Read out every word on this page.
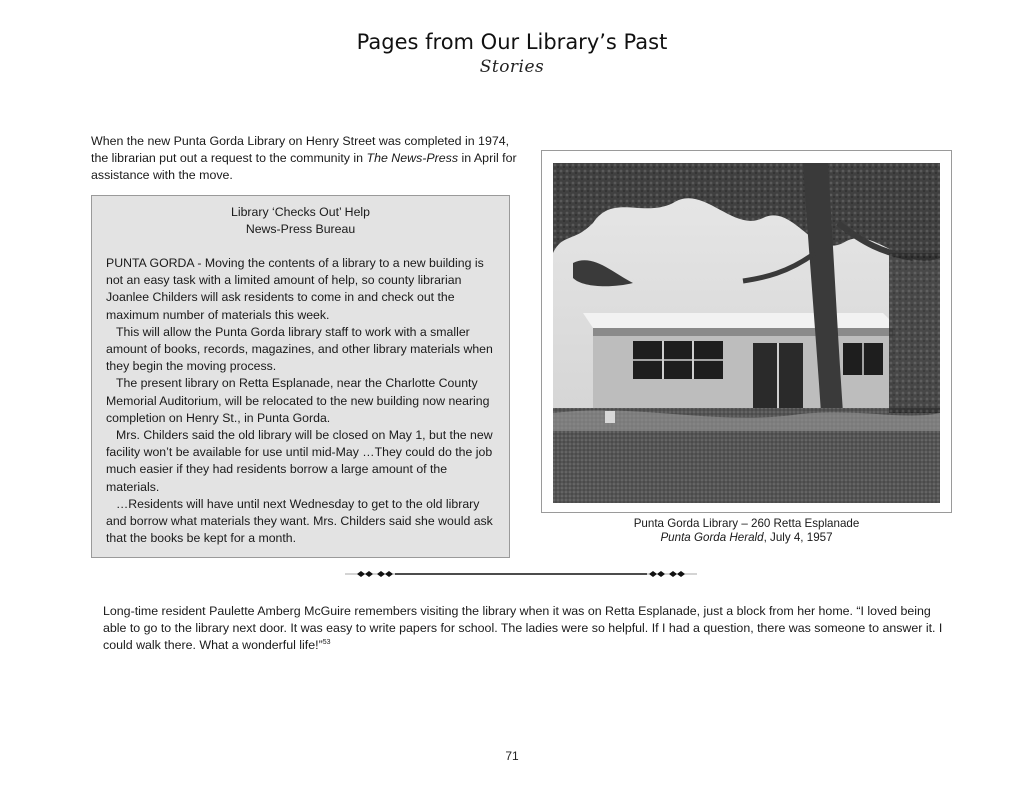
Pages from Our Library’s Past
Stories
When the new Punta Gorda Library on Henry Street was completed in 1974, the librarian put out a request to the community in The News-Press in April for assistance with the move.
Library ‘Checks Out’ Help
News-Press Bureau

PUNTA GORDA - Moving the contents of a library to a new building is not an easy task with a limited amount of help, so county librarian Joanlee Childers will ask residents to come in and check out the maximum number of materials this week.

This will allow the Punta Gorda library staff to work with a smaller amount of books, records, magazines, and other library materials when they begin the moving process.

The present library on Retta Esplanade, near the Charlotte County Memorial Auditorium, will be relocated to the new building now nearing completion on Henry St., in Punta Gorda.

Mrs. Childers said the old library will be closed on May 1, but the new facility won’t be available for use until mid-May …They could do the job much easier if they had residents borrow a large amount of the materials.

…Residents will have until next Wednesday to get to the old library and borrow what materials they want. Mrs. Childers said she would ask that the books be kept for a month.

Punta Gorda Library – 260 Retta Esplanade
Punta Gorda Herald, July 4, 1957
Long-time resident Paulette Amberg McGuire remembers visiting the library when it was on Retta Esplanade, just a block from her home. “I loved being able to go to the library next door. It was easy to write papers for school. The ladies were so helpful. If I had a question, there was someone to answer it. I could walk there. What a wonderful life!”$^{53}$
71
